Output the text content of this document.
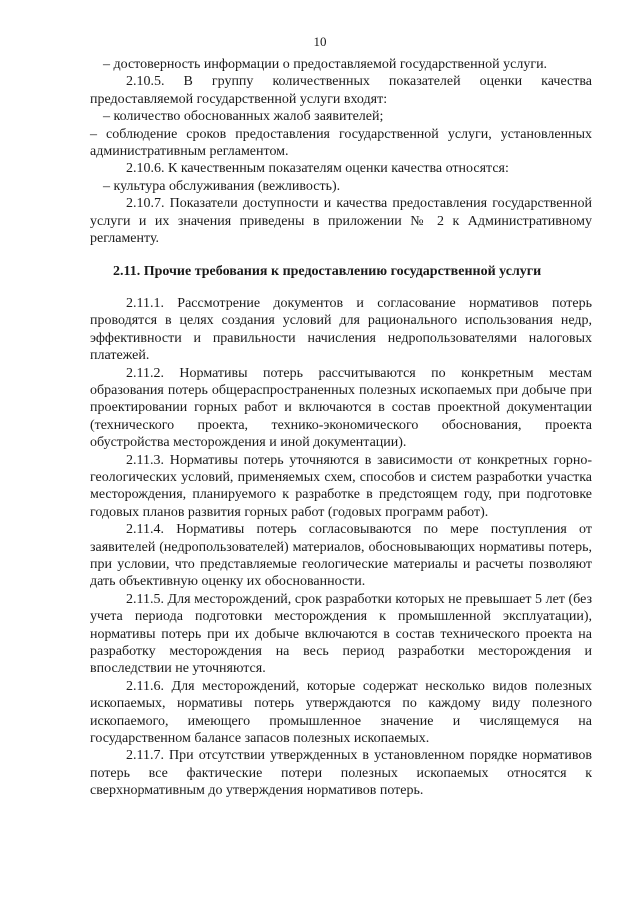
10

– достоверность информации о предоставляемой государственной услуги.

2.10.5. В группу количественных показателей оценки качества предоставляемой государственной услуги входят:

– количество обоснованных жалоб заявителей;

– соблюдение сроков предоставления государственной услуги, установленных административным регламентом.

2.10.6. К качественным показателям оценки качества относятся:

– культура обслуживания (вежливость).

2.10.7. Показатели доступности и качества предоставления государственной услуги и их значения приведены в приложении № 2 к Административному регламенту.

2.11. Прочие требования к предоставлению государственной услуги

2.11.1. Рассмотрение документов и согласование нормативов потерь проводятся в целях создания условий для рационального использования недр, эффективности и правильности начисления недропользователями налоговых платежей.

2.11.2. Нормативы потерь рассчитываются по конкретным местам образования потерь общераспространенных полезных ископаемых при добыче при проектировании горных работ и включаются в состав проектной документации (технического проекта, технико-экономического обоснования, проекта обустройства месторождения и иной документации).

2.11.3. Нормативы потерь уточняются в зависимости от конкретных горно-геологических условий, применяемых схем, способов и систем разработки участка месторождения, планируемого к разработке в предстоящем году, при подготовке годовых планов развития горных работ (годовых программ работ).

2.11.4. Нормативы потерь согласовываются по мере поступления от заявителей (недропользователей) материалов, обосновывающих нормативы потерь, при условии, что представляемые геологические материалы и расчеты позволяют дать объективную оценку их обоснованности.

2.11.5. Для месторождений, срок разработки которых не превышает 5 лет (без учета периода подготовки месторождения к промышленной эксплуатации), нормативы потерь при их добыче включаются в состав технического проекта на разработку месторождения на весь период разработки месторождения и впоследствии не уточняются.

2.11.6. Для месторождений, которые содержат несколько видов полезных ископаемых, нормативы потерь утверждаются по каждому виду полезного ископаемого, имеющего промышленное значение и числящемуся на государственном балансе запасов полезных ископаемых.

2.11.7. При отсутствии утвержденных в установленном порядке нормативов потерь все фактические потери полезных ископаемых относятся к сверхнормативным до утверждения нормативов потерь.
